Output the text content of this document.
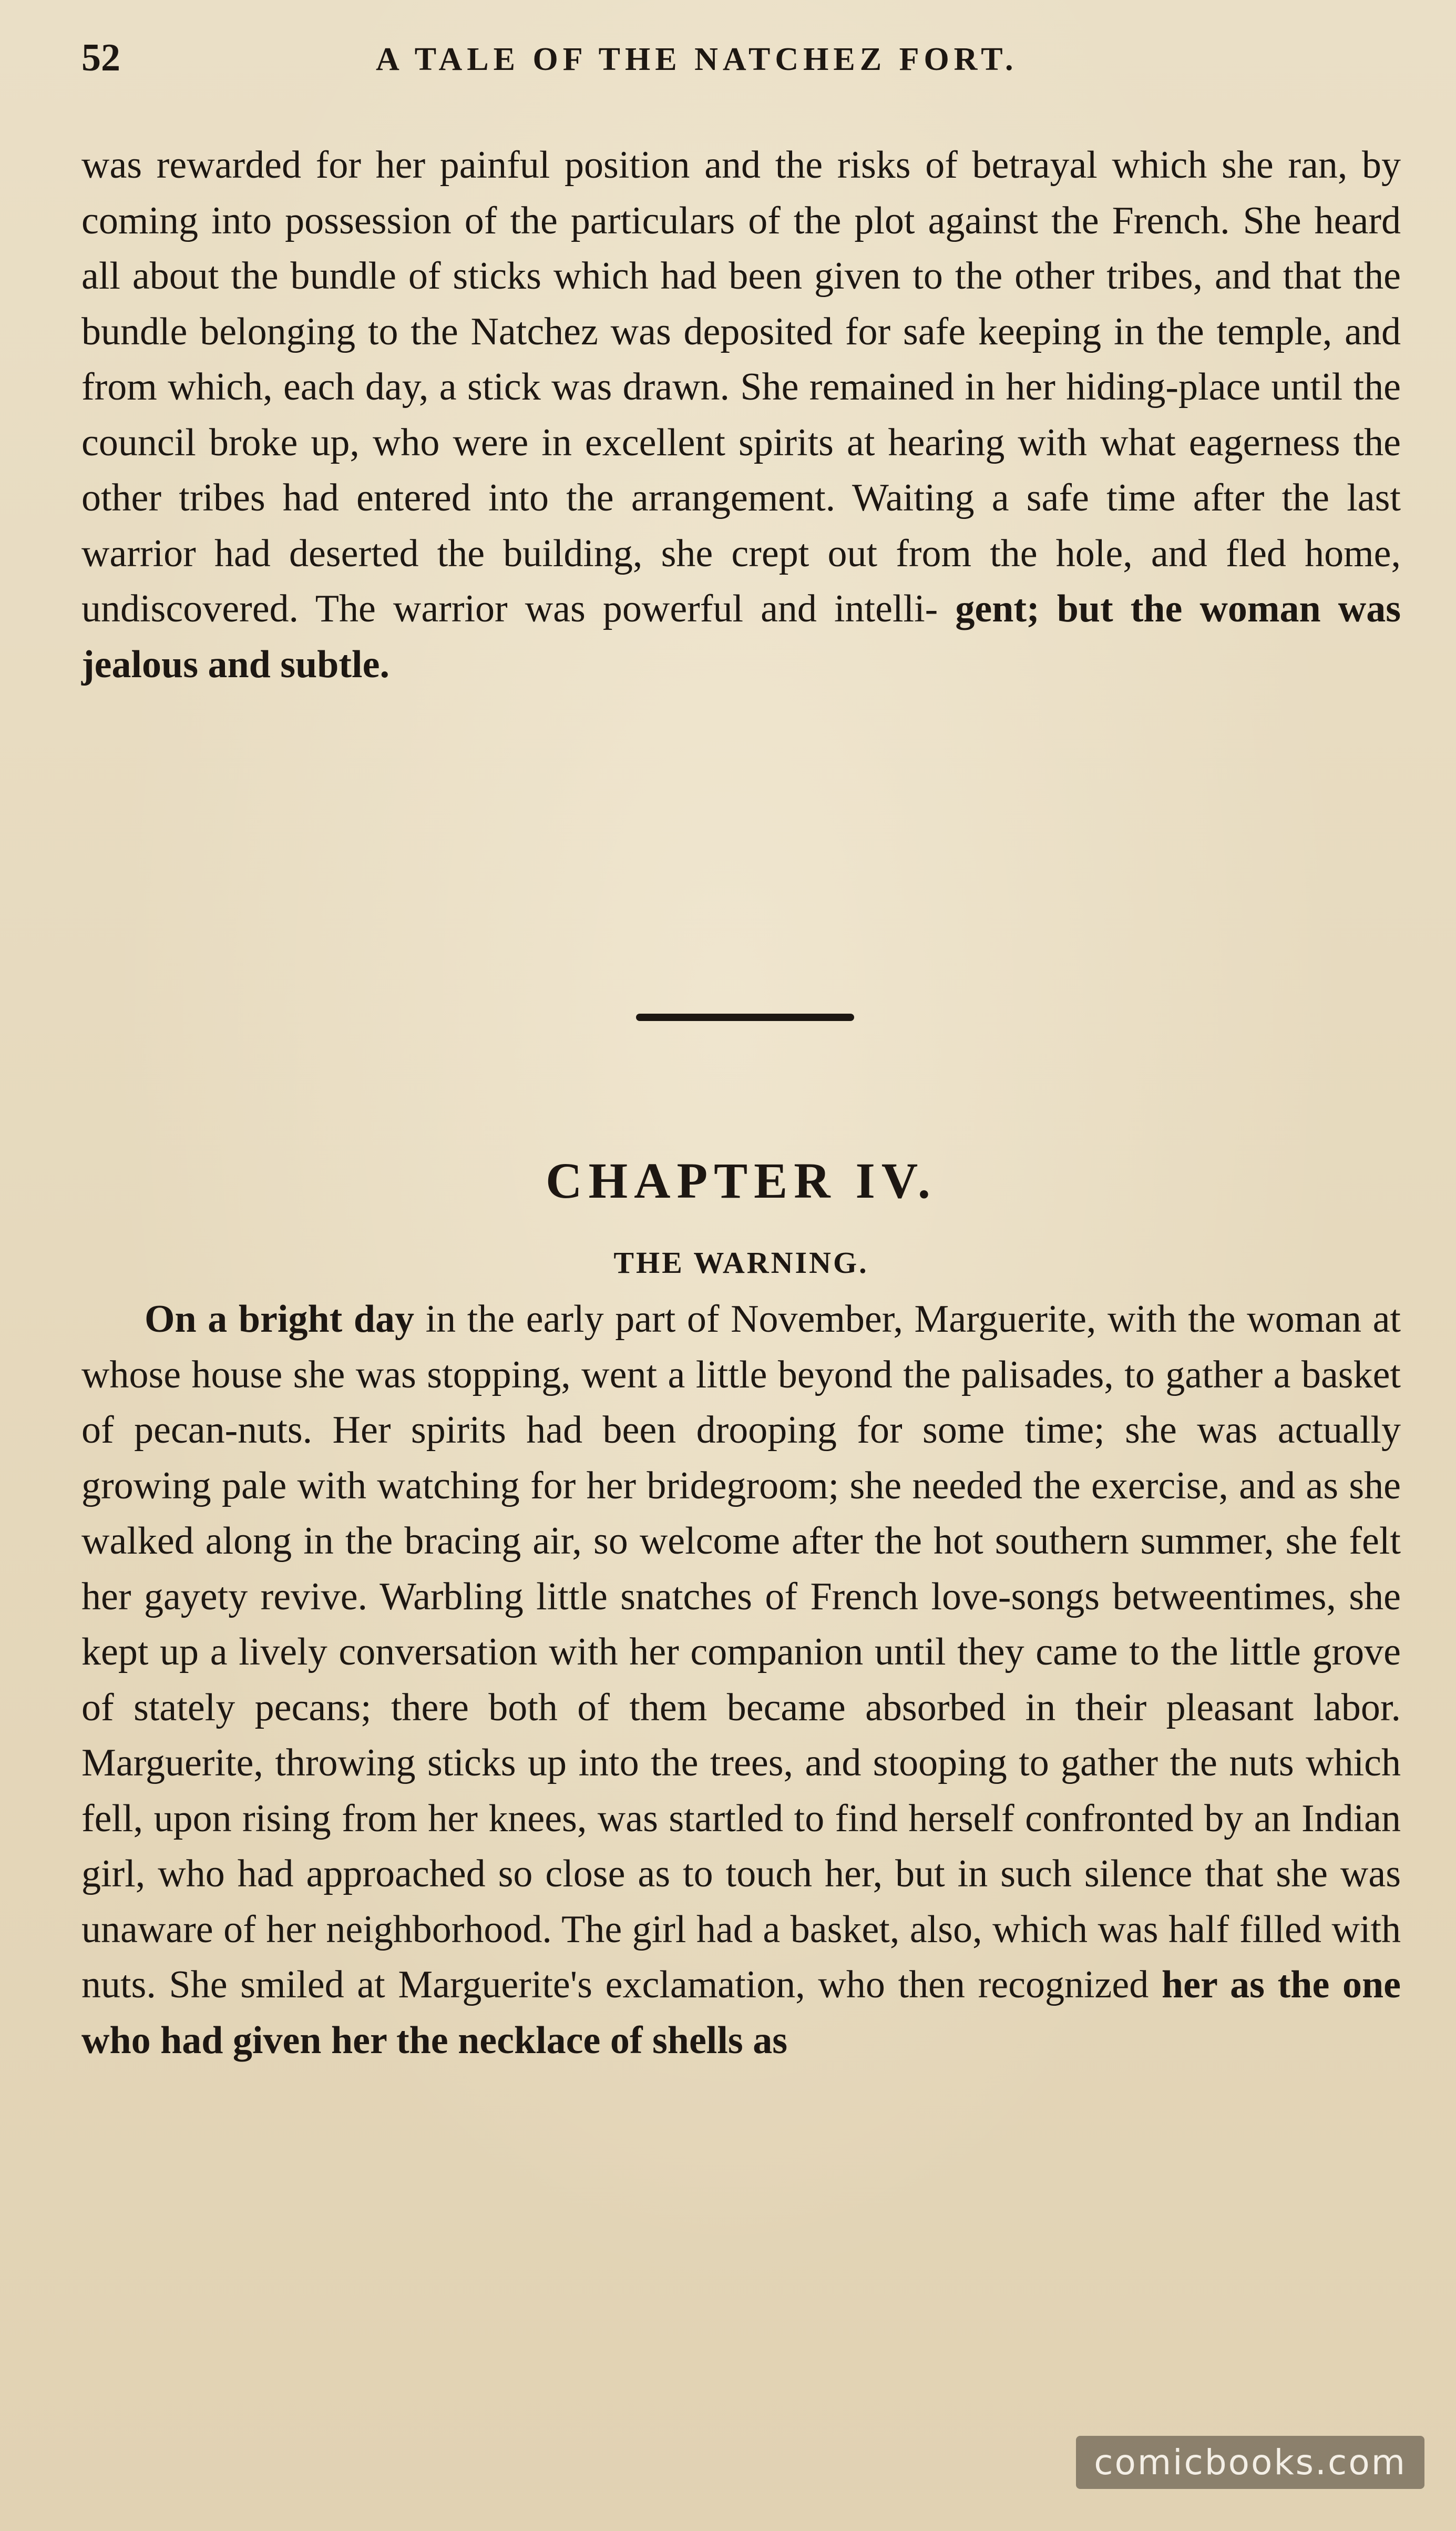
52	A TALE OF THE NATCHEZ FORT.
was rewarded for her painful position and the risks of betrayal which she ran, by coming into possession of the particulars of the plot against the French. She heard all about the bundle of sticks which had been given to the other tribes, and that the bundle belonging to the Natchez was deposited for safe keeping in the temple, and from which, each day, a stick was drawn. She remained in her hiding-place until the council broke up, who were in excellent spirits at hearing with what eagerness the other tribes had entered into the arrangement. Waiting a safe time after the last warrior had deserted the building, she crept out from the hole, and fled home, undiscovered. The warrior was powerful and intelli- gent; but the woman was jealous and subtle.
CHAPTER IV.
THE WARNING.
On a bright day in the early part of November, Marguerite, with the woman at whose house she was stopping, went a little beyond the palisades, to gather a basket of pecan-nuts. Her spirits had been drooping for some time; she was actually growing pale with watching for her bridegroom; she needed the exercise, and as she walked along in the bracing air, so welcome after the hot southern summer, she felt her gayety revive. Warbling little snatches of French love-songs betweentimes, she kept up a lively conversation with her companion until they came to the little grove of stately pecans; there both of them became absorbed in their pleasant labor. Marguerite, throwing sticks up into the trees, and stooping to gather the nuts which fell, upon rising from her knees, was startled to find herself confronted by an Indian girl, who had approached so close as to touch her, but in such silence that she was unaware of her neighborhood. The girl had a basket, also, which was half filled with nuts. She smiled at Marguerite's exclamation, who then recognized her as the one who had given her the necklace of shells as
comicbooks.com
